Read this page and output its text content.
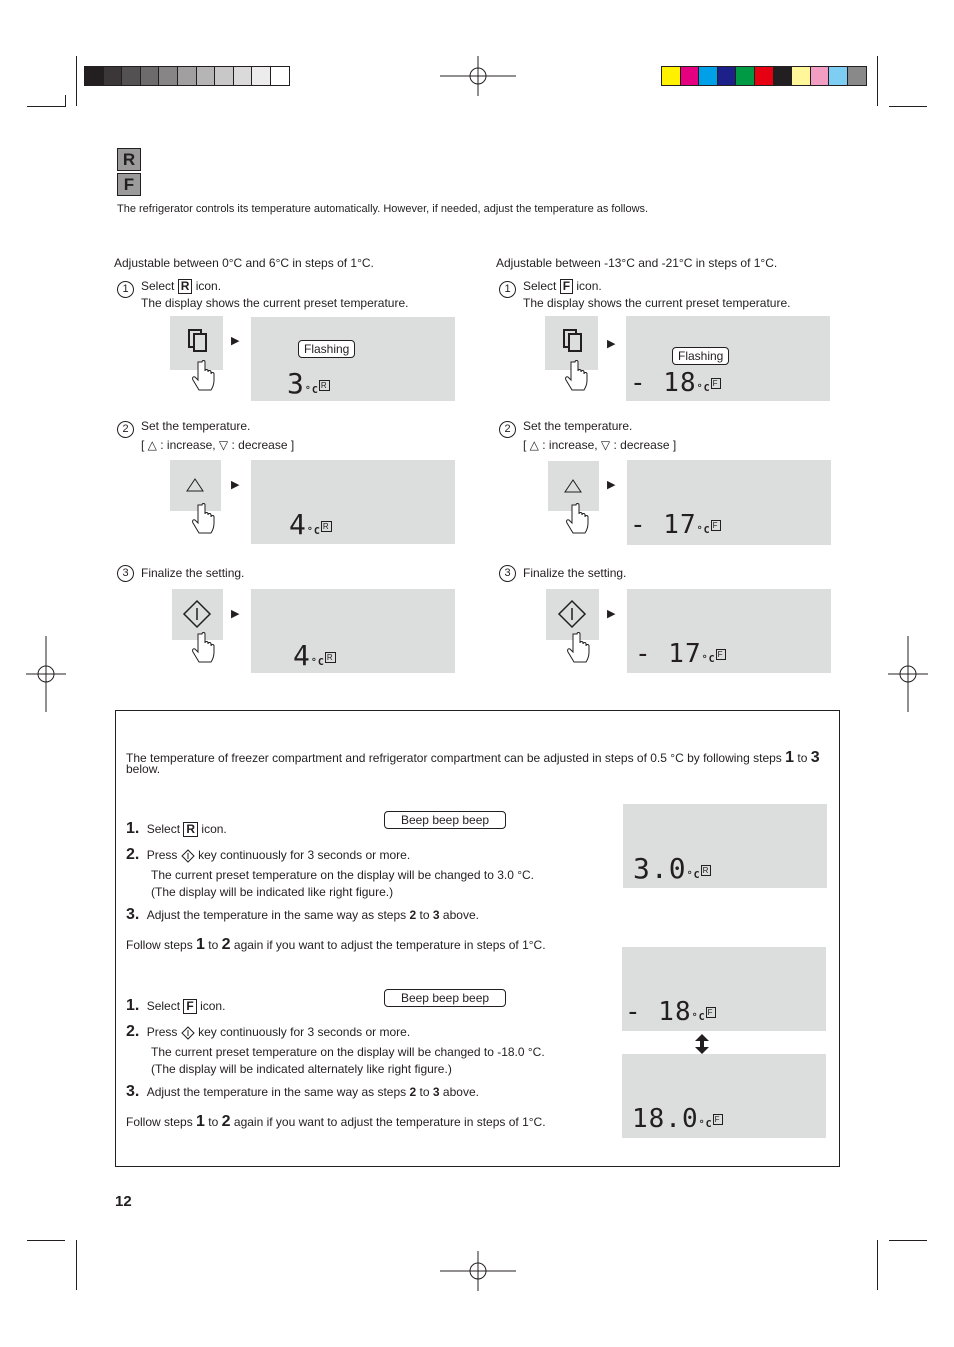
R
F
The refrigerator controls its temperature automatically. However, if needed, adjust the temperature as follows.
Adjustable between 0°C and 6°C in steps of 1°C.
1	Select R icon.
The display shows the current preset temperature.
▶
Flashing
3°C R
2	Set the temperature.
[ △ : increase, ▽ : decrease ]
▶
4°C R
3	Finalize the setting.
▶
4°C R
Adjustable between -13°C and -21°C in steps of 1°C.
1	Select F icon.
The display shows the current preset temperature.
▶
Flashing
- 18°C F
2	Set the temperature.
[ △ : increase, ▽ : decrease ]
▶
- 17°C F
3	Finalize the setting.
▶
- 17°C F
The temperature of freezer compartment and refrigerator compartment can be adjusted in steps of 0.5 °C by following steps 1 to 3
below.
1. Select R icon.
Beep beep beep
2. Press key continuously for 3 seconds or more.
The current preset temperature on the display will be changed to 3.0 °C.
(The display will be indicated like right figure.)
3. Adjust the temperature in the same way as steps 2 to 3 above.
Follow steps 1 to 2 again if you want to adjust the temperature in steps of 1°C.
3.0°C R
1. Select F icon.
Beep beep beep
2. Press key continuously for 3 seconds or more.
The current preset temperature on the display will be changed to -18.0 °C.
(The display will be indicated alternately like right figure.)
3. Adjust the temperature in the same way as steps 2 to 3 above.
Follow steps 1 to 2 again if you want to adjust the temperature in steps of 1°C.
- 18°C F
18.0°C F
12
